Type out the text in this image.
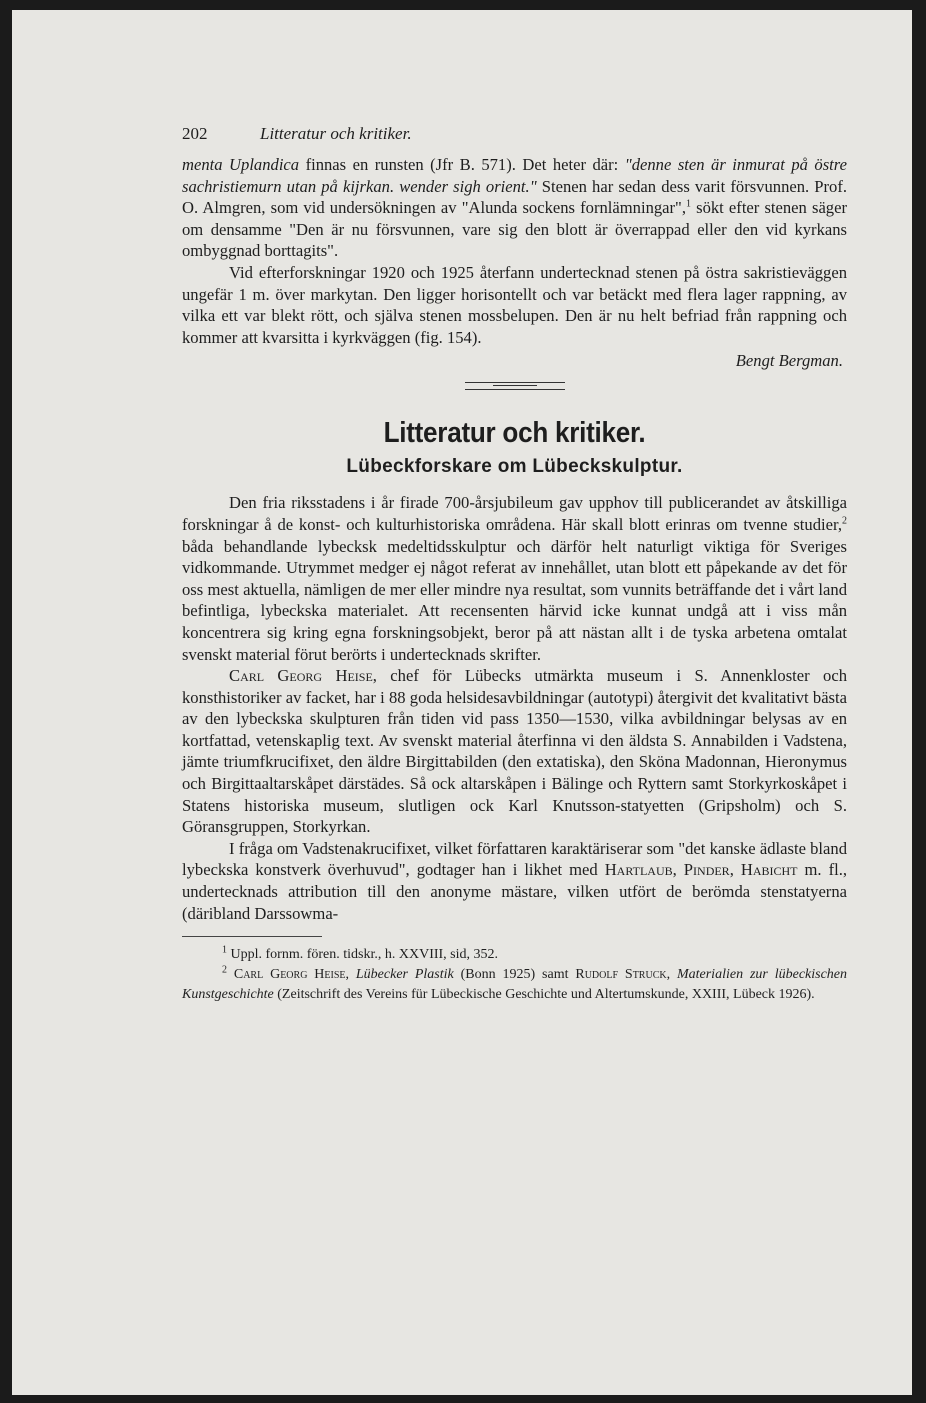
202	Litteratur och kritiker.

menta Uplandica finnas en runsten (Jfr B. 571). Det heter där: "denne sten är inmurat på östre sachristiemurn utan på kijrkan. wender sigh orient." Stenen har sedan dess varit försvunnen. Prof. O. Almgren, som vid undersökningen av "Alunda sockens fornlämningar",$^1$ sökt efter stenen säger om densamme "Den är nu försvunnen, vare sig den blott är överrappad eller den vid kyrkans ombyggnad borttagits".

Vid efterforskningar 1920 och 1925 återfann undertecknad stenen på östra sakristieväggen ungefär 1 m. över markytan. Den ligger horisontellt och var betäckt med flera lager rappning, av vilka ett var blekt rött, och själva stenen mossbelupen. Den är nu helt befriad från rappning och kommer att kvarsitta i kyrkväggen (fig. 154).

Bengt Bergman.
Litteratur och kritiker.
Lübeckforskare om Lübeckskulptur.

Den fria riksstadens i år firade 700-årsjubileum gav upphov till publicerandet av åtskilliga forskningar å de konst- och kulturhistoriska områdena. Här skall blott erinras om tvenne studier,$^2$ båda behandlande lybecksk medeltidsskulptur och därför helt naturligt viktiga för Sveriges vidkommande. Utrymmet medger ej något referat av innehållet, utan blott ett påpekande av det för oss mest aktuella, nämligen de mer eller mindre nya resultat, som vunnits beträffande det i vårt land befintliga, lybeckska materialet. Att recensenten härvid icke kunnat undgå att i viss mån koncentrera sig kring egna forskningsobjekt, beror på att nästan allt i de tyska arbetena omtalat svenskt material förut berörts i undertecknads skrifter.

Carl Georg Heise, chef för Lübecks utmärkta museum i S. Annenkloster och konsthistoriker av facket, har i 88 goda helsidesavbildningar (autotypi) återgivit det kvalitativt bästa av den lybeckska skulpturen från tiden vid pass 1350—1530, vilka avbildningar belysas av en kortfattad, vetenskaplig text. Av svenskt material återfinna vi den äldsta S. Annabilden i Vadstena, jämte triumfkrucifixet, den äldre Birgittabilden (den extatiska), den Sköna Madonnan, Hieronymus och Birgittaaltarskåpet därstädes. Så ock altarskåpen i Bälinge och Ryttern samt Storkyrkoskåpet i Statens historiska museum, slutligen ock Karl Knutsson-statyetten (Gripsholm) och S. Göransgruppen, Storkyrkan.

I fråga om Vadstenakrucifixet, vilket författaren karaktäriserar som "det kanske ädlaste bland lybeckska konstverk överhuvud", godtager han i likhet med Hartlaub, Pinder, Habicht m. fl., undertecknads attribution till den anonyme mästare, vilken utfört de berömda stenstatyerna (däribland Darssowma-

$^1$ Uppl. fornm. fören. tidskr., h. XXVIII, sid, 352.

$^2$ Carl Georg Heise, Lübecker Plastik (Bonn 1925) samt Rudolf Struck, Materialien zur lübeckischen Kunstgeschichte (Zeitschrift des Vereins für Lübeckische Geschichte und Altertumskunde, XXIII, Lübeck 1926).
